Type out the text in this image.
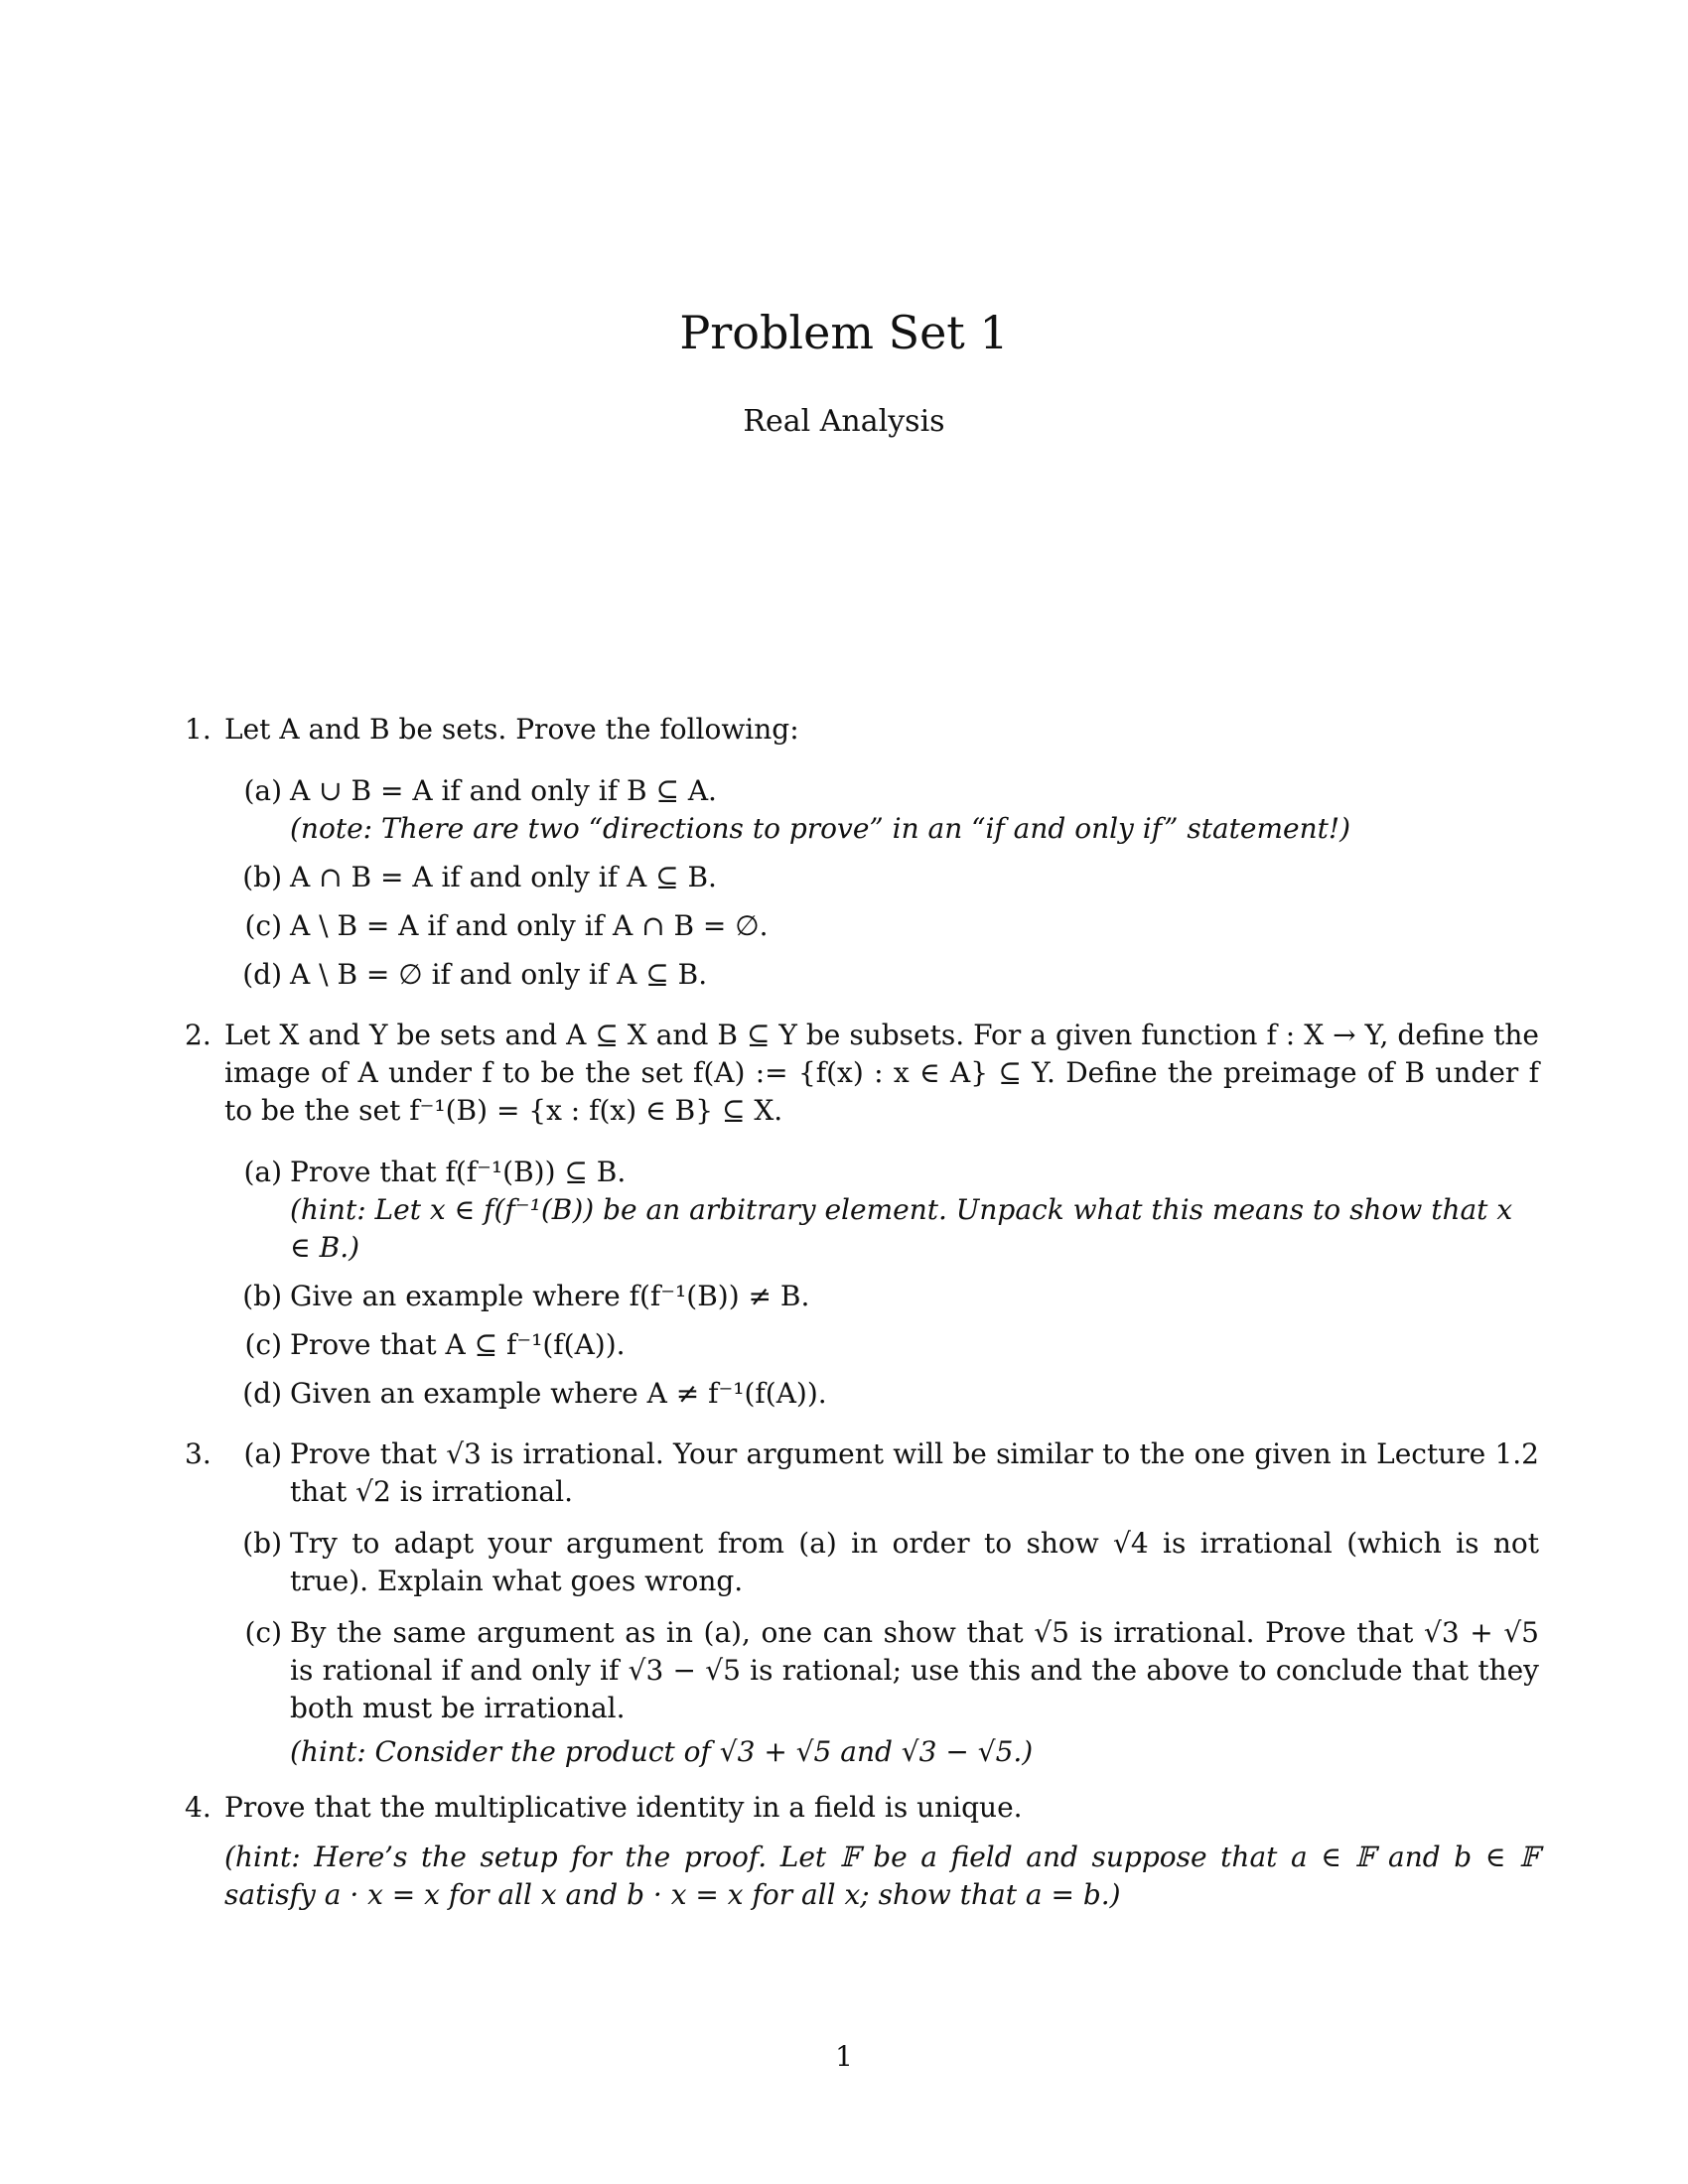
Problem Set 1
Real Analysis
1. Let A and B be sets. Prove the following:
(a) A ∪ B = A if and only if B ⊆ A.
(note: There are two “directions to prove” in an “if and only if” statement!)
(b) A ∩ B = A if and only if A ⊆ B.
(c) A \ B = A if and only if A ∩ B = ∅.
(d) A \ B = ∅ if and only if A ⊆ B.
2. Let X and Y be sets and A ⊆ X and B ⊆ Y be subsets. For a given function f : X → Y, define the image of A under f to be the set f(A) := {f(x) : x ∈ A} ⊆ Y. Define the preimage of B under f to be the set f⁻¹(B) = {x : f(x) ∈ B} ⊆ X.
(a) Prove that f(f⁻¹(B)) ⊆ B.
(hint: Let x ∈ f(f⁻¹(B)) be an arbitrary element. Unpack what this means to show that x ∈ B.)
(b) Give an example where f(f⁻¹(B)) ≠ B.
(c) Prove that A ⊆ f⁻¹(f(A)).
(d) Given an example where A ≠ f⁻¹(f(A)).
3. (a) Prove that √3 is irrational. Your argument will be similar to the one given in Lecture 1.2 that √2 is irrational.
(b) Try to adapt your argument from (a) in order to show √4 is irrational (which is not true). Explain what goes wrong.
(c) By the same argument as in (a), one can show that √5 is irrational. Prove that √3 + √5 is rational if and only if √3 − √5 is rational; use this and the above to conclude that they both must be irrational.
(hint: Consider the product of √3 + √5 and √3 − √5.)
4. Prove that the multiplicative identity in a field is unique.
(hint: Here’s the setup for the proof. Let 𝔽 be a field and suppose that a ∈ 𝔽 and b ∈ 𝔽 satisfy a · x = x for all x and b · x = x for all x; show that a = b.)
1
